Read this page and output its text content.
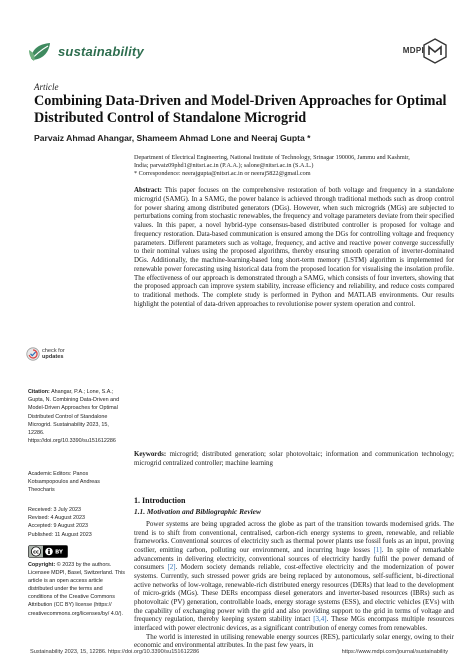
sustainability	MDPI
Article
Combining Data-Driven and Model-Driven Approaches for Optimal Distributed Control of Standalone Microgrid
Parvaiz Ahmad Ahangar, Shameem Ahmad Lone and Neeraj Gupta *

Department of Electrical Engineering, National Institute of Technology, Srinagar 190006, Jammu and Kashmir,

India; parvaiz09phd1@nitsri.ac.in (P.A.A.); salone@nitsri.ac.in (S.A.L.)

* Correspondence: neerajgupta@nitsri.ac.in or neeraj5822@gmail.com

Abstract: This paper focuses on the comprehensive restoration of both voltage and frequency in a standalone microgrid (SAMG). In a SAMG, the power balance is achieved through traditional methods such as droop control for power sharing among distributed generators (DGs). However, when such microgrids (MGs) are subjected to perturbations coming from stochastic renewables, the frequency and voltage parameters deviate from their specified values. In this paper, a novel hybrid-type consensus-based distributed controller is proposed for voltage and frequency restoration. Data-based communication is ensured among the DGs for controlling voltage and frequency parameters. Different parameters such as voltage, frequency, and active and reactive power converge successfully to their nominal values using the proposed algorithms, thereby ensuring smooth operation of inverter-dominated DGs. Additionally, the machine-learning-based long short-term memory (LSTM) algorithm is implemented for renewable power forecasting using historical data from the proposed location for visualising the insolation profile. The effectiveness of our approach is demonstrated through a SAMG, which consists of four inverters, showing that the proposed approach can improve system stability, increase efficiency and reliability, and reduce costs compared to traditional methods. The complete study is performed in Python and MATLAB environments. Our results highlight the potential of data-driven approaches to revolutionise power system operation and control.

Keywords: microgrid; distributed generation; solar photovoltaic; information and communication technology; microgrid centralized controller; machine learning

check for
updates

Citation: Ahangar, P.A.; Lone, S.A.; Gupta, N. Combining Data-Driven and Model-Driven Approaches for Optimal Distributed Control of Standalone Microgrid. Sustainability 2023, 15, 12286. https://doi.org/10.3390/su151612286

Academic Editors: Panos Kotsampopoulos and Andreas Theocharis

Received: 3 July 2023
Revised: 4 August 2023
Accepted: 9 August 2023
Published: 11 August 2023
cc	BY

Copyright: © 2023 by the authors. Licensee MDPI, Basel, Switzerland. This article is an open access article distributed under the terms and conditions of the Creative Commons Attribution (CC BY) license (https:// creativecommons.org/licenses/by/ 4.0/).

1. Introduction
1.1. Motivation and Bibliographic Review

Power systems are being upgraded across the globe as part of the transition towards modernised grids. The trend is to shift from conventional, centralised, carbon-rich energy systems to green, renewable, and reliable frameworks. Conventional sources of electricity such as thermal power plants use fossil fuels as an input, proving costlier, emitting carbon, polluting our environment, and incurring huge losses [1]. In spite of remarkable advancements in delivering electricity, conventional sources of electricity hardly fulfil the power demand of consumers [2]. Modern society demands reliable, cost-effective electricity and the modernization of power systems. Currently, such stressed power grids are being replaced by autonomous, self-sufficient, bi-directional active networks of low-voltage, renewable-rich distributed energy resources (DERs) that lead to the development of micro-grids (MGs). These DERs encompass diesel generators and inverter-based resources (IBRs) such as photovoltaic (PV) generation, controllable loads, energy storage systems (ESS), and electric vehicles (EVs) with the capability of exchanging power with the grid and also providing support to the grid in terms of voltage and frequency regulation, thereby keeping system stability intact [3,4]. These MGs encompass multiple resources interfaced with power electronic devices, as a significant contribution of energy comes from renewables.

The world is interested in utilising renewable energy sources (RES), particularly solar energy, owing to their economic and environmental attributes. In the past few years, in

Sustainability 2023, 15, 12286. https://doi.org/10.3390/su151612286	https://www.mdpi.com/journal/sustainability
